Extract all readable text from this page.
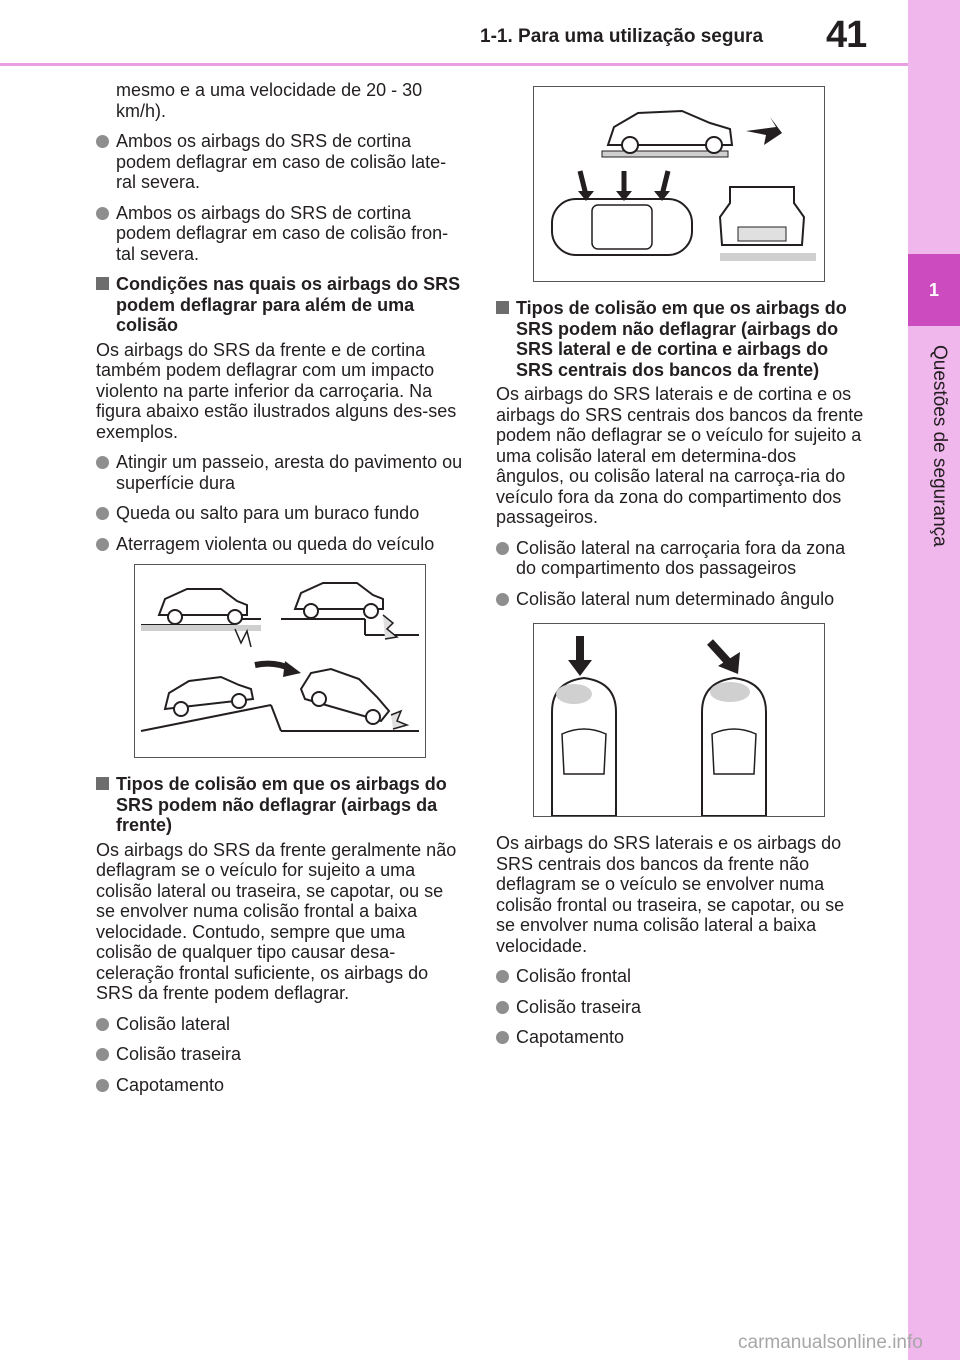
1-1. Para uma utilização segura	41
1
Questões de segurança
mesmo e a uma velocidade de 20 - 30 km/h).
Ambos os airbags do SRS de cortina podem deflagrar em caso de colisão late-ral severa.
Ambos os airbags do SRS de cortina podem deflagrar em caso de colisão fron-tal severa.
Condições nas quais os airbags do SRS podem deflagrar para além de uma colisão
Os airbags do SRS da frente e de cortina também podem deflagrar com um impacto violento na parte inferior da carroçaria. Na figura abaixo estão ilustrados alguns des-ses exemplos.
Atingir um passeio, aresta do pavimento ou superfície dura
Queda ou salto para um buraco fundo
Aterragem violenta ou queda do veículo
Tipos de colisão em que os airbags do SRS podem não deflagrar (airbags da frente)
Os airbags do SRS da frente geralmente não deflagram se o veículo for sujeito a uma colisão lateral ou traseira, se capotar, ou se se envolver numa colisão frontal a baixa velocidade. Contudo, sempre que uma colisão de qualquer tipo causar desa-celeração frontal suficiente, os airbags do SRS da frente podem deflagrar.
Colisão lateral
Colisão traseira
Capotamento
Tipos de colisão em que os airbags do SRS podem não deflagrar (airbags do SRS lateral e de cortina e airbags do SRS centrais dos bancos da frente)
Os airbags do SRS laterais e de cortina e os airbags do SRS centrais dos bancos da frente podem não deflagrar se o veículo for sujeito a uma colisão lateral em determina-dos ângulos, ou colisão lateral na carroça-ria do veículo fora da zona do compartimento dos passageiros.
Colisão lateral na carroçaria fora da zona do compartimento dos passageiros
Colisão lateral num determinado ângulo
Os airbags do SRS laterais e os airbags do SRS centrais dos bancos da frente não deflagram se o veículo se envolver numa colisão frontal ou traseira, se capotar, ou se se envolver numa colisão lateral a baixa velocidade.
Colisão frontal
Colisão traseira
Capotamento
carmanualsonline.info
